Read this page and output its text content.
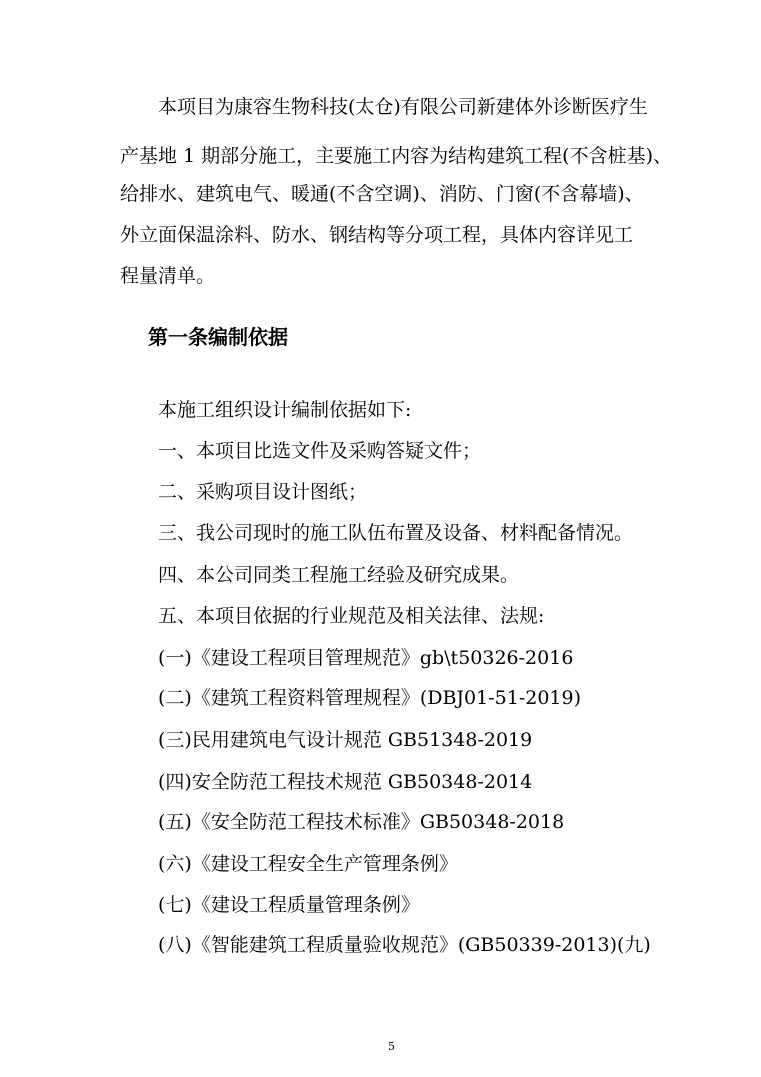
本项目为康容生物科技(太仓)有限公司新建体外诊断医疗生
产基地 1 期部分施工，主要施工内容为结构建筑工程(不含桩基)、
给排水、建筑电气、暖通(不含空调)、消防、门窗(不含幕墙)、
外立面保温涂料、防水、钢结构等分项工程，具体内容详见工
程量清单。
第一条编制依据
本施工组织设计编制依据如下:
一、本项目比选文件及采购答疑文件；
二、采购项目设计图纸；
三、我公司现时的施工队伍布置及设备、材料配备情况。
四、本公司同类工程施工经验及研究成果。
五、本项目依据的行业规范及相关法律、法规:
(一)《建设工程项目管理规范》gb\t50326-2016
(二)《建筑工程资料管理规程》(DBJ01-51-2019)
(三)民用建筑电气设计规范 GB51348-2019
(四)安全防范工程技术规范 GB50348-2014
(五)《安全防范工程技术标准》GB50348-2018
(六)《建设工程安全生产管理条例》
(七)《建设工程质量管理条例》
(八)《智能建筑工程质量验收规范》(GB50339-2013)(九)
5
